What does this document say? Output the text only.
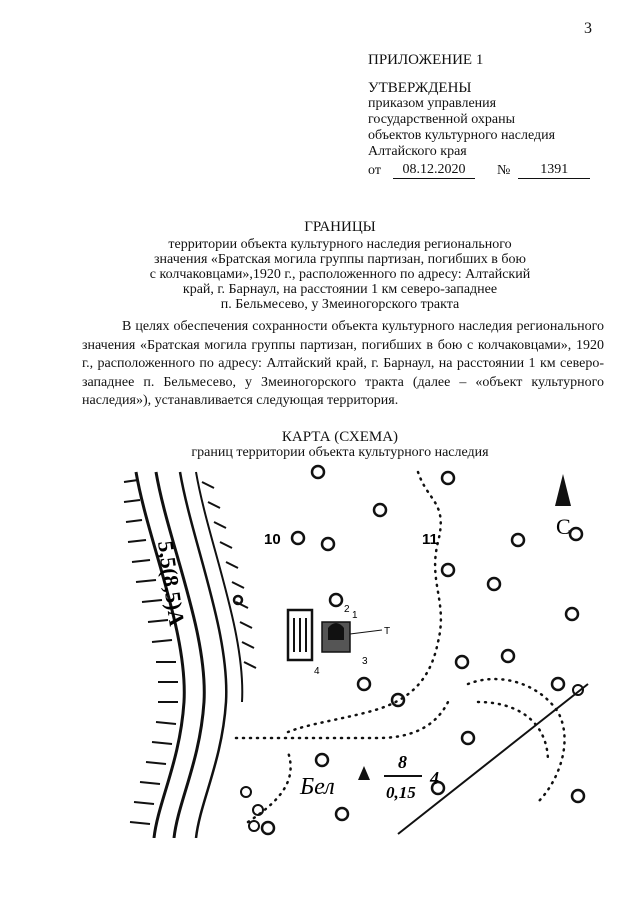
3
ПРИЛОЖЕНИЕ 1
УТВЕРЖДЕНЫ
приказом управления
государственной охраны
объектов культурного наследия
Алтайского края
от	08.12.2020	№	1391
ГРАНИЦЫ
территории объекта культурного наследия регионального
значения «Братская могила группы партизан, погибших в бою
с колчаковцами»,1920 г., расположенного по адресу: Алтайский
край, г. Барнаул, на расстоянии 1 км северо-западнее
п. Бельмесево, у Змеиногорского тракта
В целях обеспечения сохранности объекта культурного наследия регионального значения «Братская могила группы партизан, погибших в бою с колчаковцами», 1920 г., расположенного по адресу: Алтайский край, г. Барнаул, на расстоянии 1 км северо-западнее п. Бельмесево, у Змеиногорского тракта (далее – «объект культурного наследия»), устанавливается следующая территория.
КАРТА (СХЕМА)
границ территории объекта культурного наследия
5,5(8,5)А
С
10	11
Т
2
1
3
4
Бел
8
0,15
4
